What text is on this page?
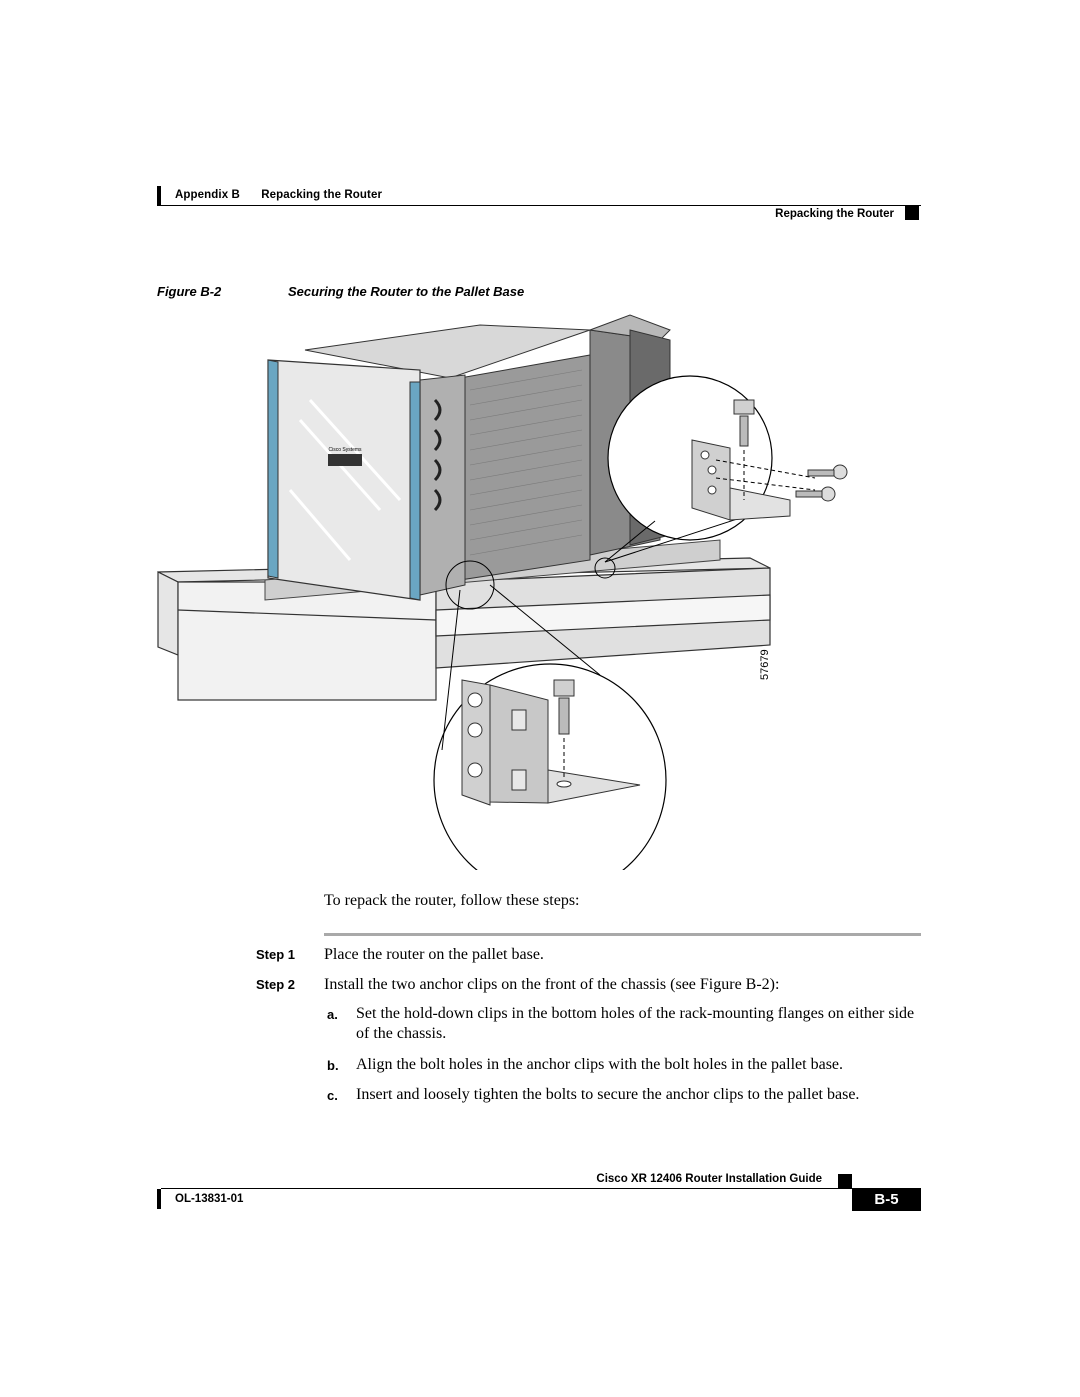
Appendix B Repacking the Router
Repacking the Router
Figure B-2	Securing the Router to the Pallet Base
Cisco Systems
57679
To repack the router, follow these steps:
Step 1 Place the router on the pallet base.
Step 2 Install the two anchor clips on the front of the chassis (see Figure B-2):
a. Set the hold-down clips in the bottom holes of the rack-mounting flanges on either side of the chassis.
b. Align the bolt holes in the anchor clips with the bolt holes in the pallet base.
c. Insert and loosely tighten the bolts to secure the anchor clips to the pallet base.
Cisco XR 12406 Router Installation Guide
OL-13831-01	B-5
